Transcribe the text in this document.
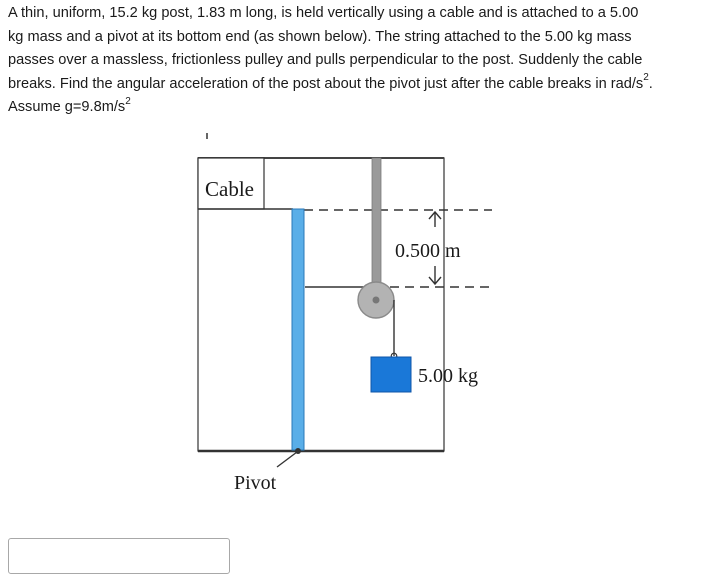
A thin, uniform, 15.2 kg post, 1.83 m long, is held vertically using a cable and is attached to a 5.00
kg mass and a pivot at its bottom end (as shown below). The string attached to the 5.00 kg mass
passes over a massless, frictionless pulley and pulls perpendicular to the post. Suddenly the cable
breaks. Find the angular acceleration of the post about the pivot just after the cable breaks in rad/$s^2$.
Assume $g=9.8m/s^2$
Cable
5.00 kg
0.500 m
Pivot
